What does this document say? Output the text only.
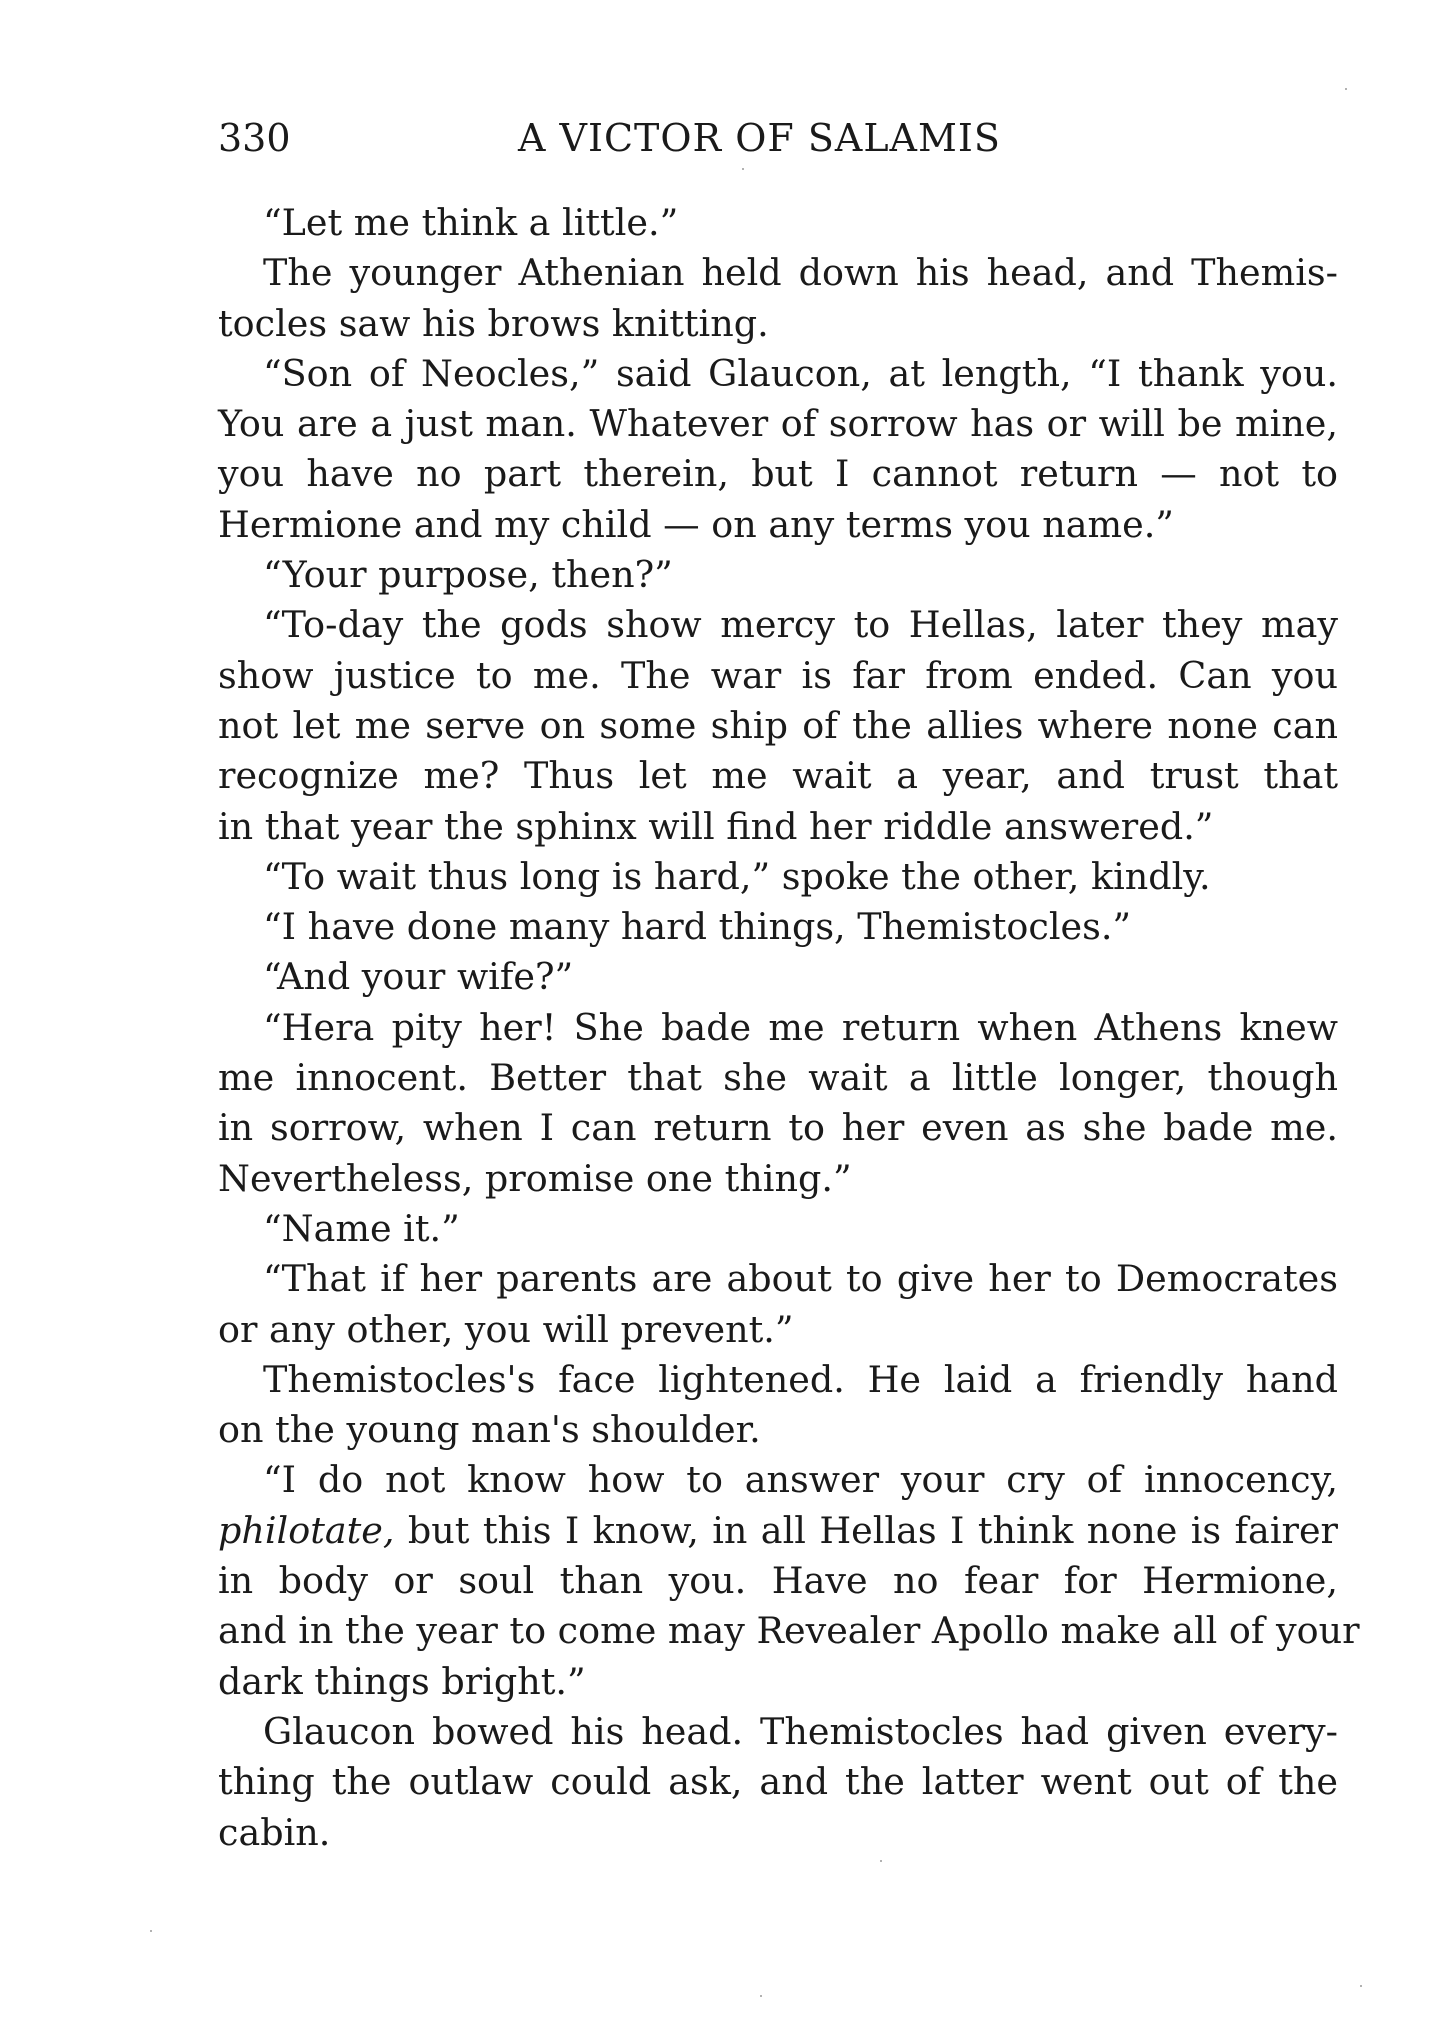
330	A VICTOR OF SALAMIS
“Let me think a little.”
The younger Athenian held down his head, and Themis-
tocles saw his brows knitting.
“Son of Neocles,” said Glaucon, at length, “I thank you.
You are a just man. Whatever of sorrow has or will be mine,
you have no part therein, but I cannot return — not to
Hermione and my child — on any terms you name.”
“Your purpose, then?”
“To-day the gods show mercy to Hellas, later they may
show justice to me. The war is far from ended. Can you
not let me serve on some ship of the allies where none can
recognize me? Thus let me wait a year, and trust that
in that year the sphinx will find her riddle answered.”
“To wait thus long is hard,” spoke the other, kindly.
“I have done many hard things, Themistocles.”
“And your wife?”
“Hera pity her! She bade me return when Athens knew
me innocent. Better that she wait a little longer, though
in sorrow, when I can return to her even as she bade me.
Nevertheless, promise one thing.”
“Name it.”
“That if her parents are about to give her to Democrates
or any other, you will prevent.”
Themistocles's face lightened. He laid a friendly hand
on the young man's shoulder.
“I do not know how to answer your cry of innocency,
philotate, but this I know, in all Hellas I think none is fairer
in body or soul than you. Have no fear for Hermione,
and in the year to come may Revealer Apollo make all of your
dark things bright.”
Glaucon bowed his head. Themistocles had given every-
thing the outlaw could ask, and the latter went out of the
cabin.
